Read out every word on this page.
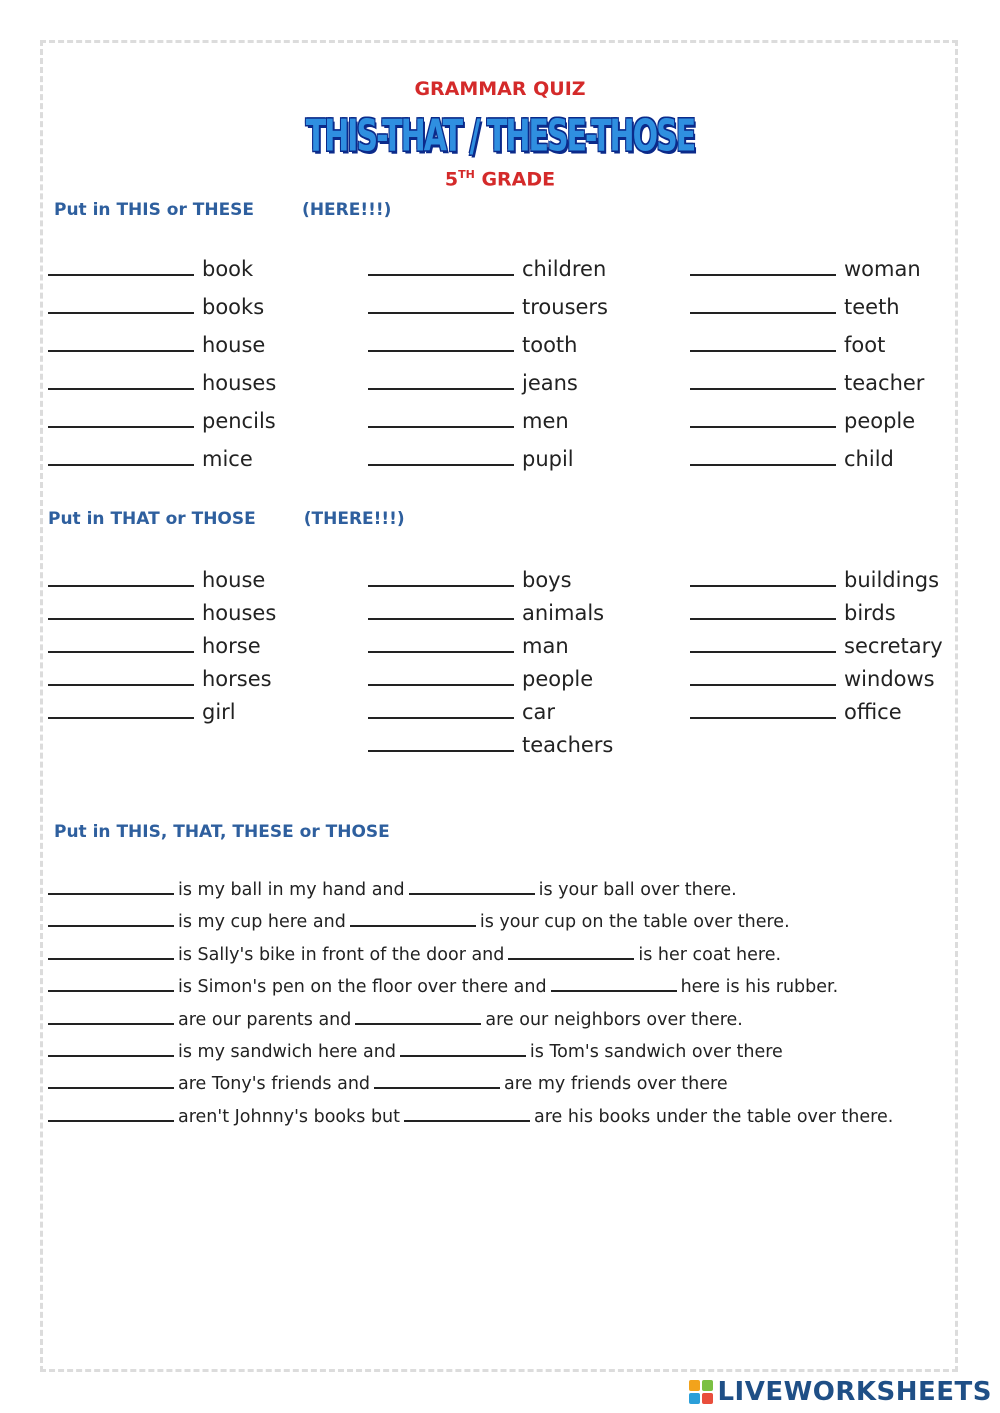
GRAMMAR QUIZ
THIS-THAT / THESE-THOSE
5TH GRADE
Put in THIS or THESE	(HERE!!!)
book
books
house
houses
pencils
mice
children
trousers
tooth
jeans
men
pupil
woman
teeth
foot
teacher
people
child
Put in THAT or THOSE	(THERE!!!)
house
houses
horse
horses
girl
boys
animals
man
people
car
teachers
buildings
birds
secretary
windows
office
Put in THIS, THAT, THESE or THOSE
is my ball in my hand and	is your ball over there.
is my cup here and	is your cup on the table over there.
is Sally's bike in front of the door and	is her coat here.
is Simon's pen on the floor over there and	here is his rubber.
are our parents and	are our neighbors over there.
is my sandwich here and	is Tom's sandwich over there
are Tony's friends and	are my friends over there
aren't Johnny's books but	are his books under the table over there.
LIVEWORKSHEETS
